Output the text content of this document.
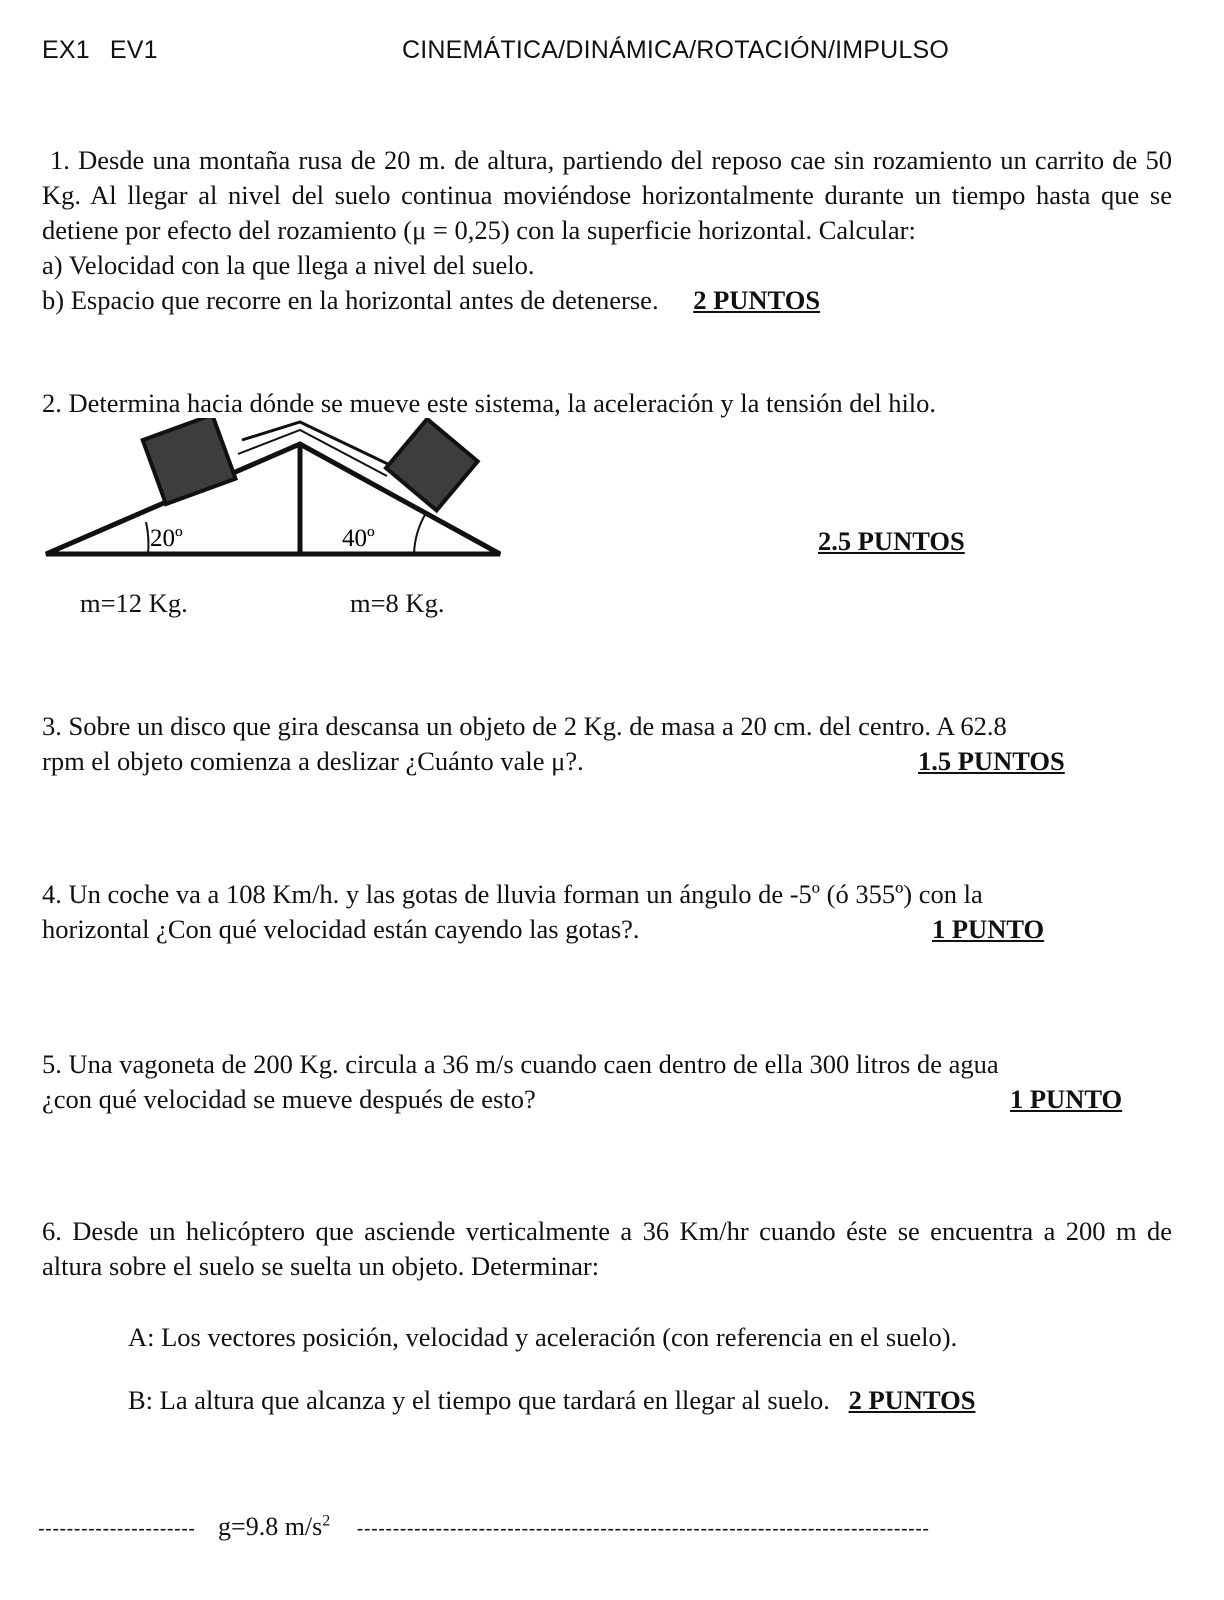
EX1 EV1	CINEMÁTICA/DINÁMICA/ROTACIÓN/IMPULSO
1. Desde una montaña rusa de 20 m. de altura, partiendo del reposo cae sin rozamiento un carrito de 50 Kg. Al llegar al nivel del suelo continua moviéndose horizontalmente durante un tiempo hasta que se detiene por efecto del rozamiento (μ = 0,25) con la superficie horizontal. Calcular:
a) Velocidad con la que llega a nivel del suelo.
b) Espacio que recorre en la horizontal antes de detenerse. 2 PUNTOS
2. Determina hacia dónde se mueve este sistema, la aceleración y la tensión del hilo.
20º	40º	2.5 PUNTOS
m=12 Kg.	m=8 Kg.
3. Sobre un disco que gira descansa un objeto de 2 Kg. de masa a 20 cm. del centro. A 62.8
rpm el objeto comienza a deslizar ¿Cuánto vale μ?.	1.5 PUNTOS
4. Un coche va a 108 Km/h. y las gotas de lluvia forman un ángulo de -5º (ó 355º) con la
horizontal ¿Con qué velocidad están cayendo las gotas?.	1 PUNTO
5. Una vagoneta de 200 Kg. circula a 36 m/s cuando caen dentro de ella 300 litros de agua
¿con qué velocidad se mueve después de esto?	1 PUNTO
6. Desde un helicóptero que asciende verticalmente a 36 Km/hr cuando éste se encuentra a 200 m de altura sobre el suelo se suelta un objeto. Determinar:
A: Los vectores posición, velocidad y aceleración (con referencia en el suelo).
B: La altura que alcanza y el tiempo que tardará en llegar al suelo. 2 PUNTOS
---------------------- g=9.8 $m/s^2$ --------------------------------------------------------------------------------
